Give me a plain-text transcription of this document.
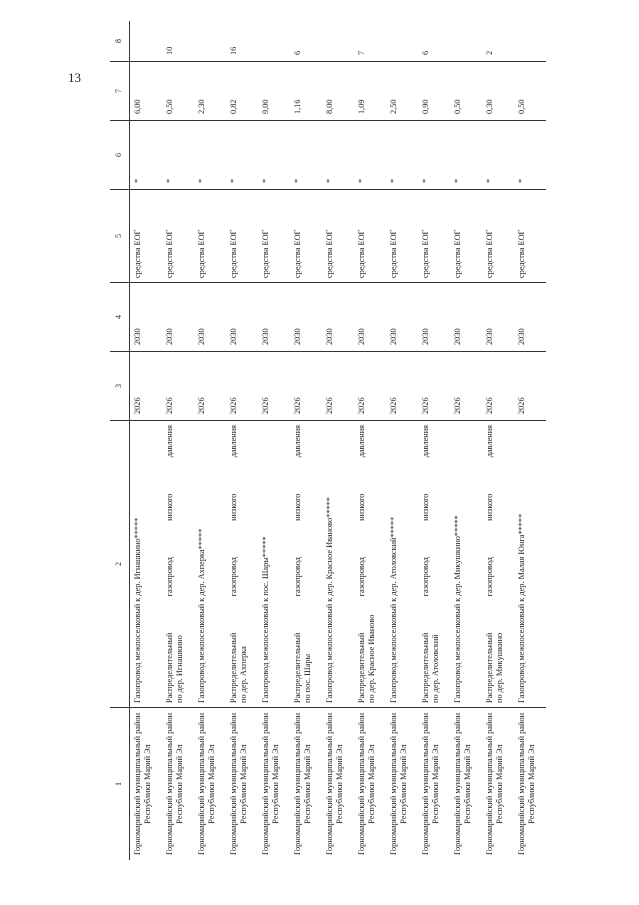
13
1	2	3	4	5	6	7	8
Горномарийский муниципальный район Республики Марий Эл	Газопровод межпоселковый к дер. Игнашкино*****	2026	2030	средства ЕОГ	*	6,00	
Горномарийский муниципальный район Республики Марий Эл	Распределительный газопровод низкого давления по дер. Игнашкино	2026	2030	средства ЕОГ	*	0,50	10
Горномарийский муниципальный район Республики Марий Эл	Газопровод межпоселковый к дер. Ахперка*****	2026	2030	средства ЕОГ	*	2,30	
Горномарийский муниципальный район Республики Марий Эл	Распределительный газопровод низкого давления по дер. Ахперка	2026	2030	средства ЕОГ	*	0,82	16
Горномарийский муниципальный район Республики Марий Эл	Газопровод межпоселковый к пос. Шары*****	2026	2030	средства ЕОГ	*	9,00	
Горномарийский муниципальный район Республики Марий Эл	Распределительный газопровод низкого давления по пос. Шары	2026	2030	средства ЕОГ	*	1,16	6
Горномарийский муниципальный район Республики Марий Эл	Газопровод межпоселковый к дер. Красное Иваново*****	2026	2030	средства ЕОГ	*	8,00	
Горномарийский муниципальный район Республики Марий Эл	Распределительный газопровод низкого давления по дер. Красное Иваново	2026	2030	средства ЕОГ	*	1,09	7
Горномарийский муниципальный район Республики Марий Эл	Газопровод межпоселковый к дер. Атоловский*****	2026	2030	средства ЕОГ	*	2,50	
Горномарийский муниципальный район Республики Марий Эл	Распределительный газопровод низкого давления по дер. Атоловский	2026	2030	средства ЕОГ	*	0,90	6
Горномарийский муниципальный район Республики Марий Эл	Газопровод межпоселковый к дер. Микушкино*****	2026	2030	средства ЕОГ	*	0,50	
Горномарийский муниципальный район Республики Марий Эл	Распределительный газопровод низкого давления по дер. Микушкино	2026	2030	средства ЕОГ	*	0,30	2
Горномарийский муниципальный район Республики Марий Эл	Газопровод межпоселковый к дер. Малая Юнга*****	2026	2030	средства ЕОГ	*	0,50	
